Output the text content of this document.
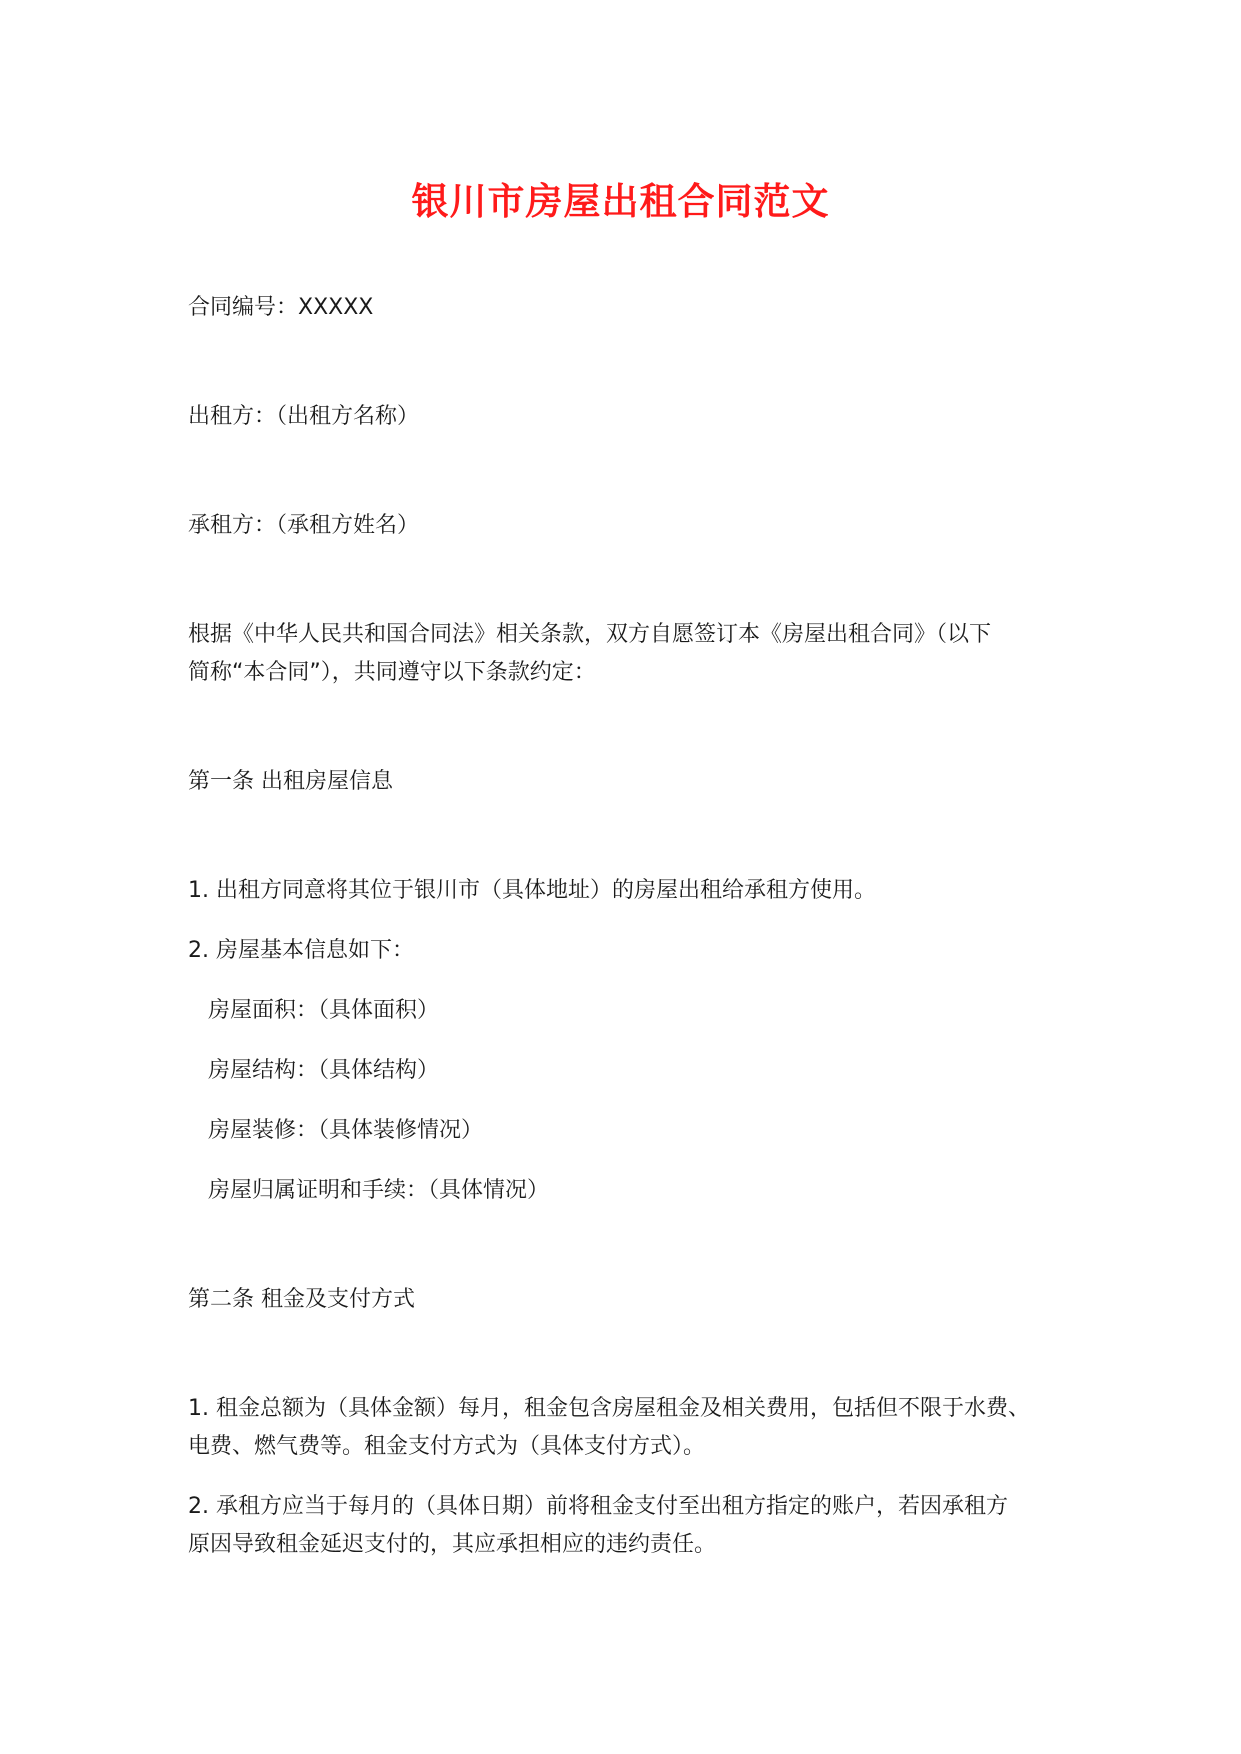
银川市房屋出租合同范文

合同编号：XXXXX

出租方：（出租方名称）

承租方：（承租方姓名）

根据《中华人民共和国合同法》相关条款，双方自愿签订本《房屋出租合同》（以下

简称“本合同”），共同遵守以下条款约定：

第一条 出租房屋信息

1. 出租方同意将其位于银川市（具体地址）的房屋出租给承租方使用。

2. 房屋基本信息如下：

房屋面积：（具体面积）

房屋结构：（具体结构）

房屋装修：（具体装修情况）

房屋归属证明和手续：（具体情况）

第二条 租金及支付方式

1. 租金总额为（具体金额）每月，租金包含房屋租金及相关费用，包括但不限于水费、

电费、燃气费等。租金支付方式为（具体支付方式）。

2. 承租方应当于每月的（具体日期）前将租金支付至出租方指定的账户，若因承租方

原因导致租金延迟支付的，其应承担相应的违约责任。
